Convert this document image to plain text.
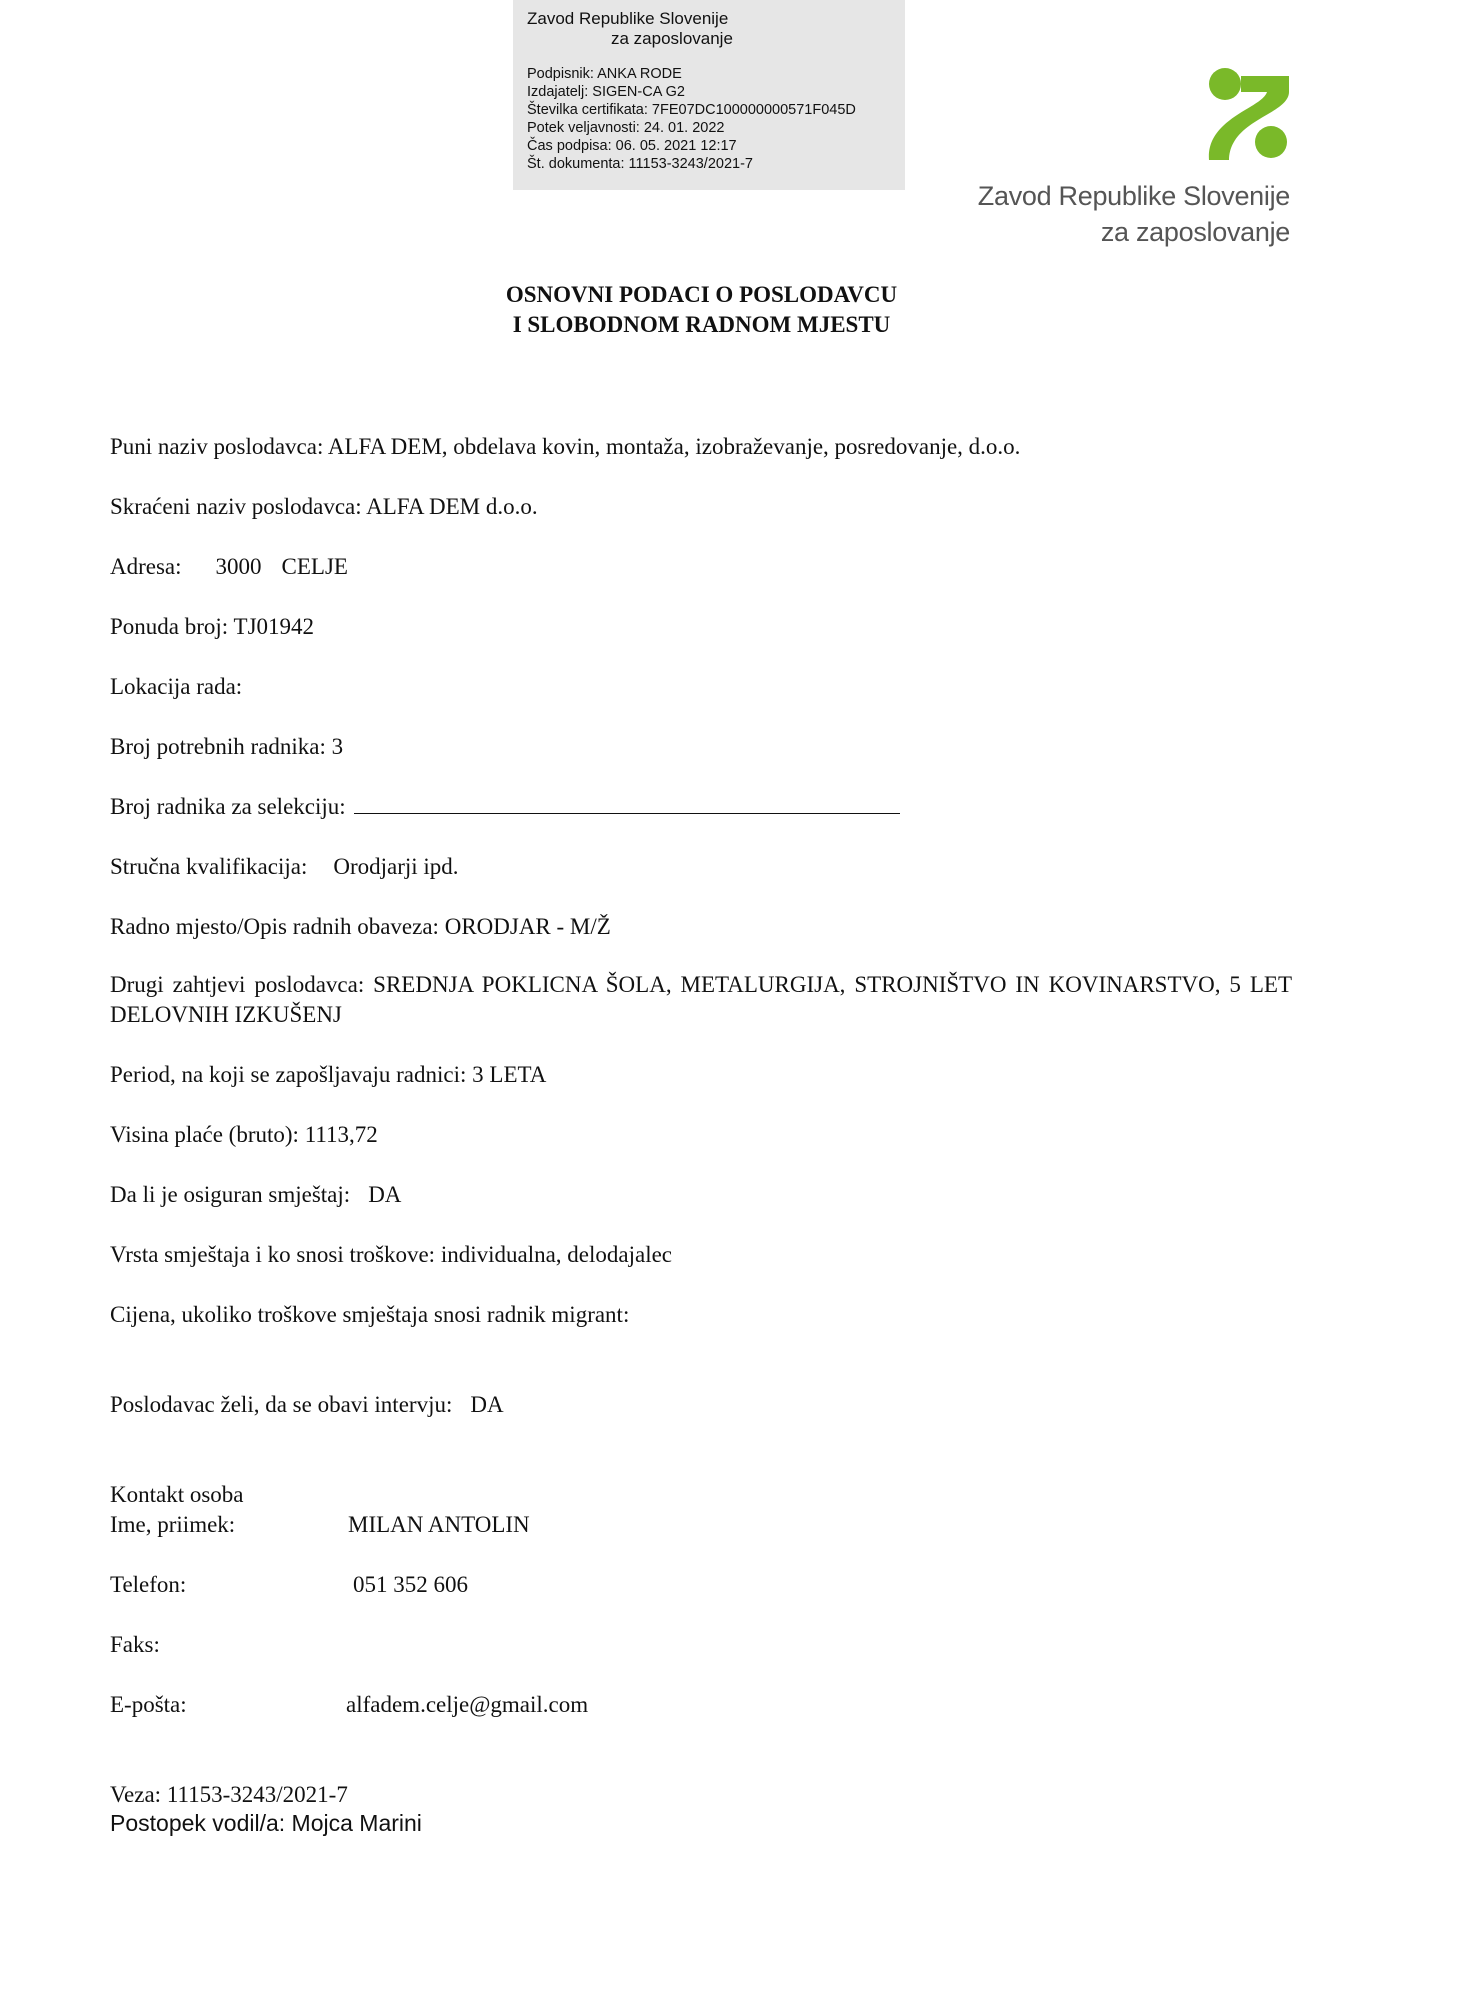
Zavod Republike Slovenije
za zaposlovanje
Podpisnik: ANKA RODE
Izdajatelj: SIGEN-CA G2
Številka certifikata: 7FE07DC100000000571F045D
Potek veljavnosti: 24. 01. 2022
Čas podpisa: 06. 05. 2021 12:17
Št. dokumenta: 11153-3243/2021-7
Zavod Republike Slovenije
za zaposlovanje
OSNOVNI PODACI O POSLODAVCU
I SLOBODNOM RADNOM MJESTU
Puni naziv poslodavca: ALFA DEM, obdelava kovin, montaža, izobraževanje, posredovanje, d.o.o.
Skraćeni naziv poslodavca: ALFA DEM d.o.o.
Adresa: 3000 CELJE
Ponuda broj: TJ01942
Lokacija rada:
Broj potrebnih radnika: 3
Broj radnika za selekciju:
Stručna kvalifikacija: Orodjarji ipd.
Radno mjesto/Opis radnih obaveza: ORODJAR - M/Ž
Drugi zahtjevi poslodavca: SREDNJA POKLICNA ŠOLA, METALURGIJA, STROJNIŠTVO IN KOVINARSTVO, 5 LET DELOVNIH IZKUŠENJ
Period, na koji se zapošljavaju radnici: 3 LETA
Visina plaće (bruto): 1113,72
Da li je osiguran smještaj: DA
Vrsta smještaja i ko snosi troškove: individualna, delodajalec
Cijena, ukoliko troškove smještaja snosi radnik migrant:
Poslodavac želi, da se obavi intervju: DA
Kontakt osoba
Ime, priimek:	MILAN ANTOLIN
Telefon:	051 352 606
Faks:
E-pošta:	alfadem.celje@gmail.com
Veza: 11153-3243/2021-7
Postopek vodil/a: Mojca Marini
